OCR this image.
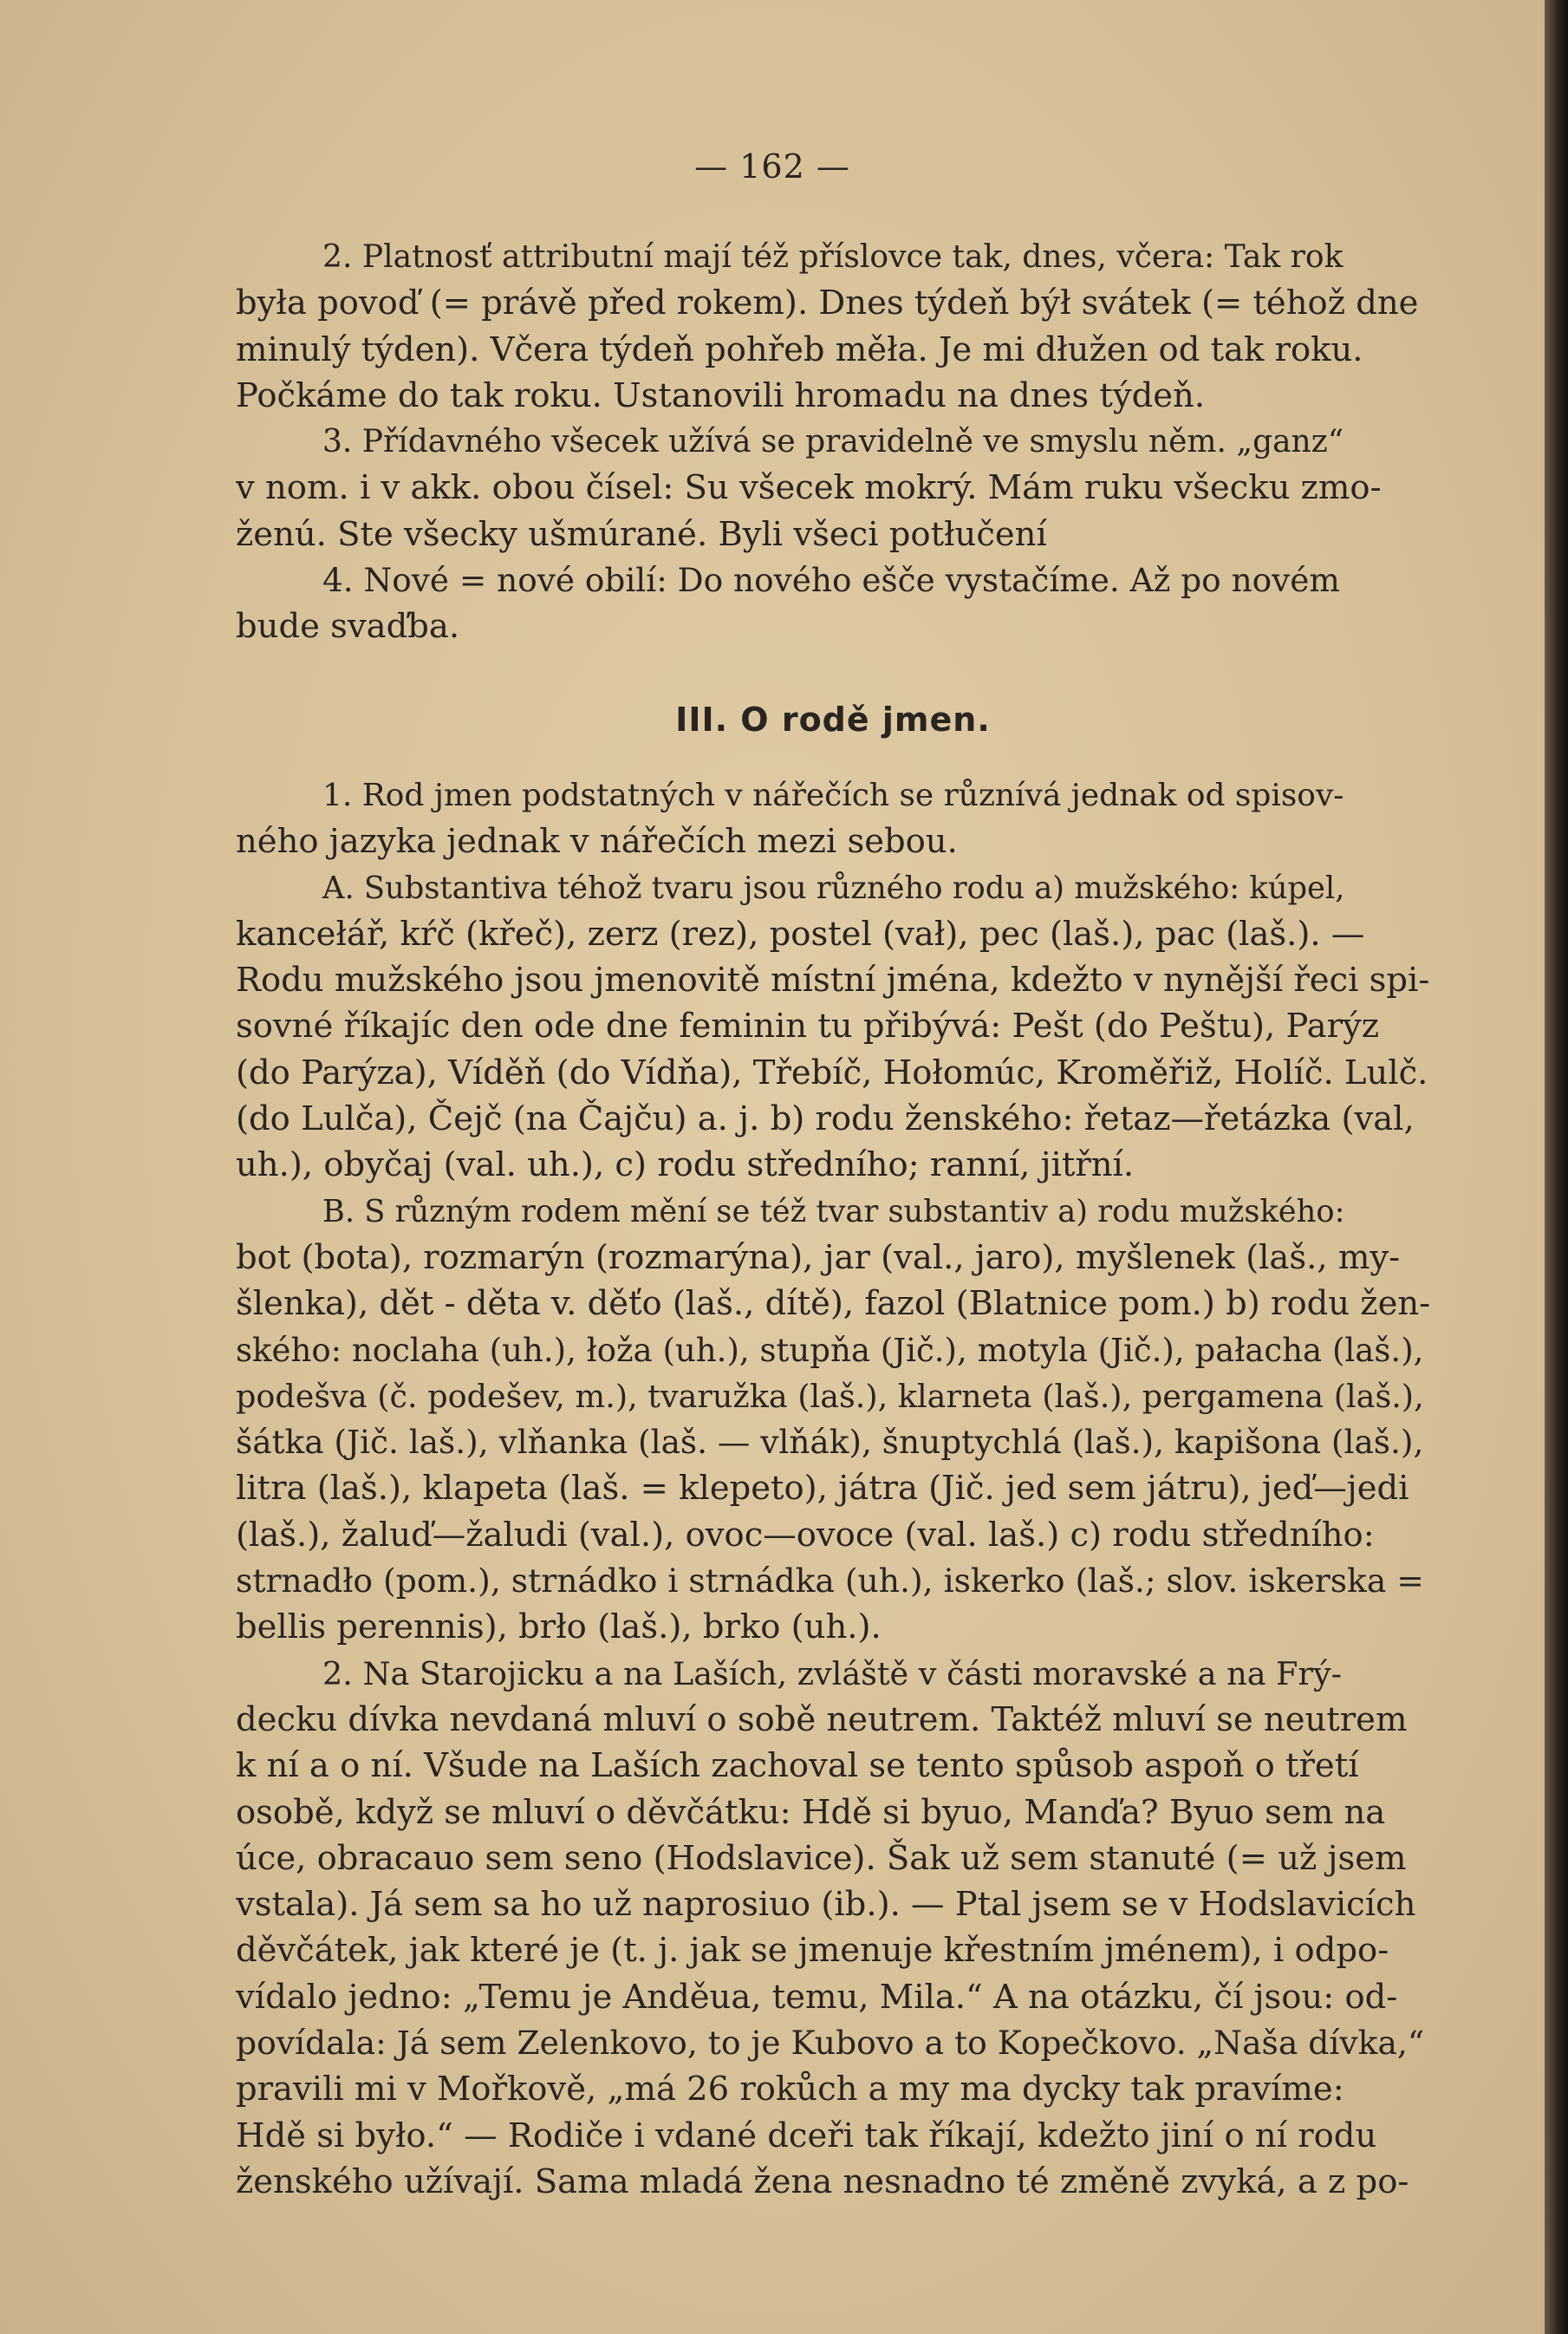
— 162 —
2. Platnosť attributní mají též příslovce tak, dnes, včera: Tak rok
była povoď (= právě před rokem). Dnes týdeň býł svátek (= téhož dne
minulý týden). Včera týdeň pohřeb měła. Je mi dłužen od tak roku.
Počkáme do tak roku. Ustanovili hromadu na dnes týdeň.
3. Přídavného všecek užívá se pravidelně ve smyslu něm. „ganz“
v nom. i v akk. obou čísel: Su všecek mokrý. Mám ruku všecku zmo-
ženú. Ste všecky ušmúrané. Byli všeci potłučení
4. Nové = nové obilí: Do nového ešče vystačíme. Až po novém
bude svaďba.
III. O rodě jmen.
1. Rod jmen podstatných v nářečích se různívá jednak od spisov-
ného jazyka jednak v nářečích mezi sebou.
A. Substantiva téhož tvaru jsou různého rodu a) mužského: kúpel,
kancełář, kŕč (křeč), zerz (rez), postel (vał), pec (laš.), pac (laš.). —
Rodu mužského jsou jmenovitě místní jména, kdežto v nynější řeci spi-
sovné říkajíc den ode dne feminin tu přibývá: Pešt (do Peštu), Parýz
(do Parýza), Víděň (do Vídňa), Třebíč, Hołomúc, Kroměřiž, Holíč. Lulč.
(do Lulča), Čejč (na Čajču) a. j. b) rodu ženského: řetaz—řetázka (val,
uh.), obyčaj (val. uh.), c) rodu středního; ranní, jitřní.
B. S různým rodem mění se též tvar substantiv a) rodu mužského:
bot (bota), rozmarýn (rozmarýna), jar (val., jaro), myšlenek (laš., my-
šlenka), dět - děta v. děťo (laš., dítě), fazol (Blatnice pom.) b) rodu žen-
ského: noclaha (uh.), łoža (uh.), stupňa (Jič.), motyla (Jič.), pałacha (laš.),
podešva (č. podešev, m.), tvaružka (laš.), klarneta (laš.), pergamena (laš.),
šátka (Jič. laš.), vlňanka (laš. — vlňák), šnuptychlá (laš.), kapišona (laš.),
litra (laš.), klapeta (laš. = klepeto), játra (Jič. jed sem játru), jeď—jedi
(laš.), žaluď—žaludi (val.), ovoc—ovoce (val. laš.) c) rodu středního:
strnadło (pom.), strnádko i strnádka (uh.), iskerko (laš.; slov. iskerska =
bellis perennis), brło (laš.), brko (uh.).
2. Na Starojicku a na Laších, zvláště v části moravské a na Frý-
decku dívka nevdaná mluví o sobě neutrem. Taktéž mluví se neutrem
k ní a o ní. Všude na Laších zachoval se tento spůsob aspoň o třetí
osobě, když se mluví o děvčátku: Hdě si byuo, Manďa? Byuo sem na
úce, obracauo sem seno (Hodslavice). Šak už sem stanuté (= už jsem
vstala). Já sem sa ho už naprosiuo (ib.). — Ptal jsem se v Hodslavicích
děvčátek, jak které je (t. j. jak se jmenuje křestním jménem), i odpo-
vídalo jedno: „Temu je Anděua, temu, Mila.“ A na otázku, čí jsou: od-
povídala: Já sem Zelenkovo, to je Kubovo a to Kopečkovo. „Naša dívka,“
pravili mi v Mořkově, „má 26 rokůch a my ma dycky tak pravíme:
Hdě si było.“ — Rodiče i vdané dceři tak říkají, kdežto jiní o ní rodu
ženského užívají. Sama mladá žena nesnadno té změně zvyká, a z po-
